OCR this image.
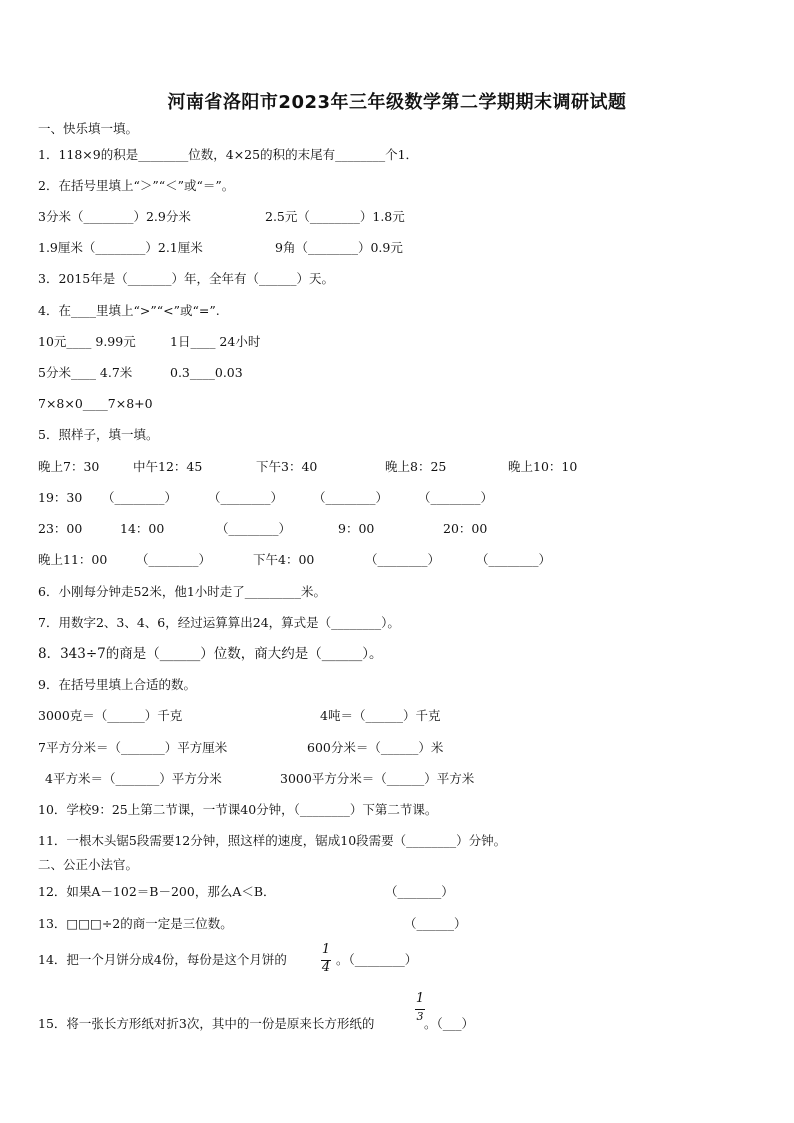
河南省洛阳市2023年三年级数学第二学期期末调研试题
一、快乐填一填。
1．118×9的积是________位数，4×25的积的末尾有________个1．
2．在括号里填上“＞”“＜”或“＝”。
3分米（________）2.9分米	2.5元（________）1.8元
1.9厘米（________）2.1厘米	9角（________）0.9元
3．2015年是（_______）年，全年有（______）天。
4．在____里填上“>”“<”或“=”.
10元____ 9.99元	1日____ 24小时
5分米____ 4.7米	0.3____0.03
7×8×0____7×8+0
5．照样子，填一填。
晚上7：30	中午12：45	下午3：40	晚上8：25	晚上10：10
19：30 （________） （________） （________） （________）
23：00	14：00	（________）	9：00	20：00
晚上11：00 （________）	下午4：00	（________）	（________）
6．小刚每分钟走52米，他1小时走了_________米。
7．用数字2、3、4、6，经过运算算出24，算式是（________）。
8．343÷7的商是（______）位数，商大约是（______）。
9．在括号里填上合适的数。
3000克＝（______）千克	4吨＝（______）千克
7平方分米＝（_______）平方厘米	600分米＝（______）米
4平方米＝（_______）平方分米	3000平方分米＝（______）平方米
10．学校9：25上第二节课，一节课40分钟，（________）下第二节课。
11．一根木头锯5段需要12分钟，照这样的速度，锯成10段需要（________）分钟。
二、公正小法官。
12．如果A－102＝B－200，那么A＜B．	（_______）
13．□□□÷2的商一定是三位数。	（______）
14．把一个月饼分成4份，每份是这个月饼的	。（________）
1
4
15．将一张长方形纸对折3次，其中的一份是原来长方形纸的	。（___）
1
3
